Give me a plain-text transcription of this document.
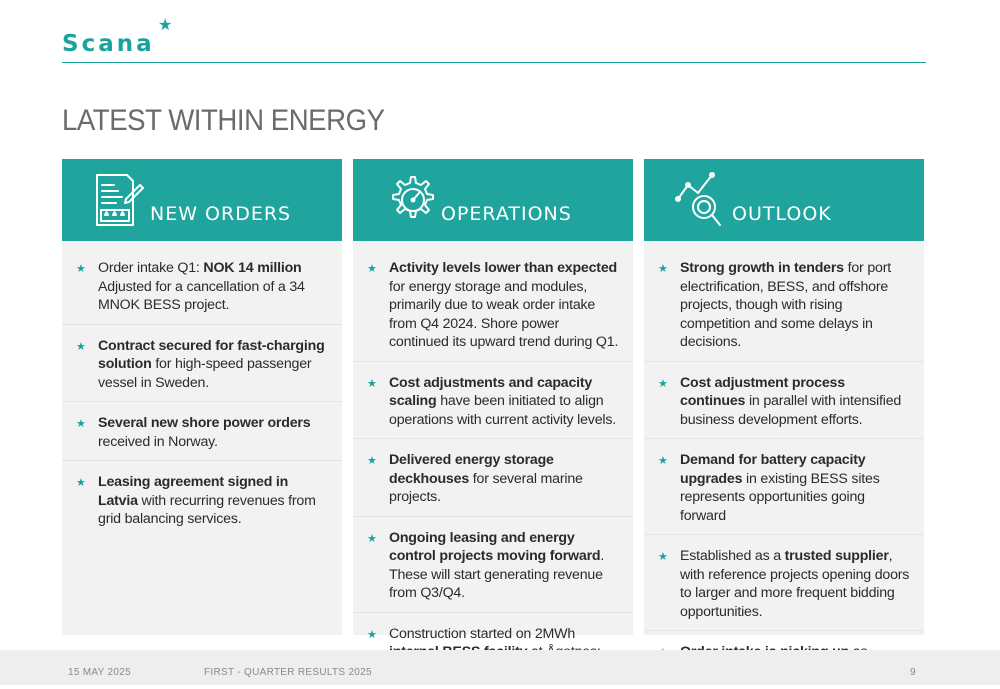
Scana
★
LATEST WITHIN ENERGY
NEW ORDERS
★ Order intake Q1: NOK 14 million Adjusted for a cancellation of a 34 MNOK BESS project.
★ Contract secured for fast-charging solution for high-speed passenger vessel in Sweden.
★ Several new shore power orders received in Norway.
★ Leasing agreement signed in Latvia with recurring revenues from grid balancing services.
OPERATIONS
★ Activity levels lower than expected for energy storage and modules, primarily due to weak order intake from Q4 2024. Shore power continued its upward trend during Q1.
★ Cost adjustments and capacity scaling have been initiated to align operations with current activity levels.
★ Delivered energy storage deckhouses for several marine projects.
★ Ongoing leasing and energy control projects moving forward. These will start generating revenue from Q3/Q4.
★ Construction started on 2MWh
OUTLOOK
★ Strong growth in tenders for port electrification, BESS, and offshore projects, though with rising competition and some delays in decisions.
★ Cost adjustment process continues in parallel with intensified business development efforts.
★ Demand for battery capacity upgrades in existing BESS sites represents opportunities going forward
★ Established as a trusted supplier, with reference projects opening doors to larger and more frequent bidding opportunities.
15 MAY 2025	FIRST - QUARTER RESULTS 2025	9
